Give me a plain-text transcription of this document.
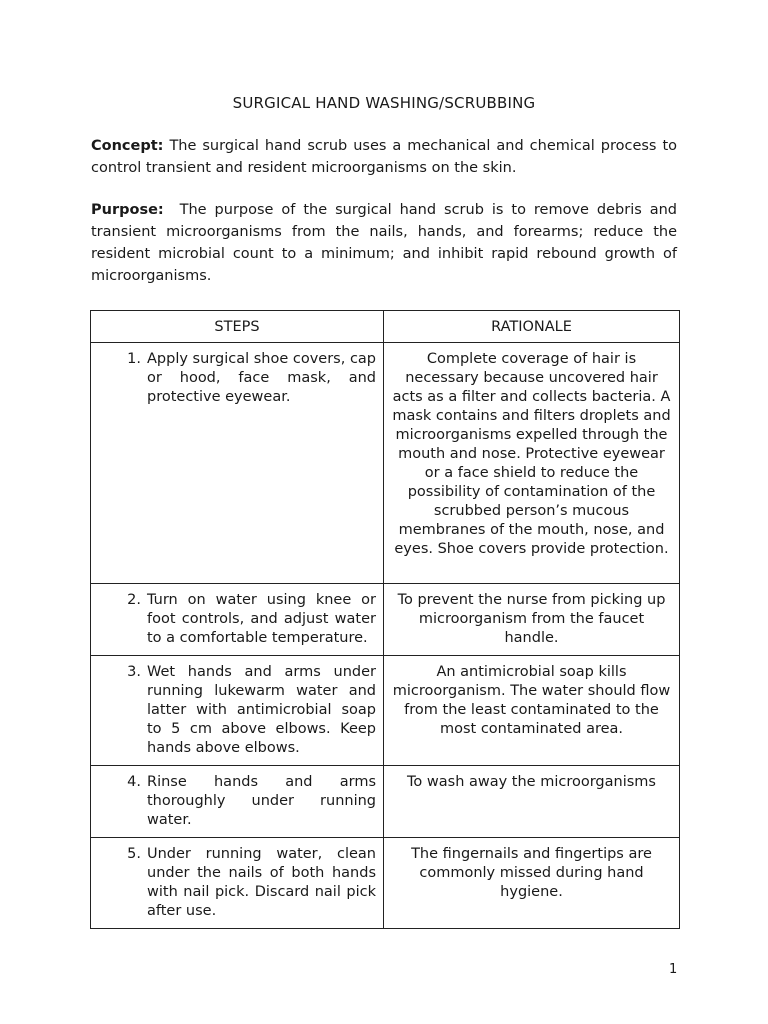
SURGICAL HAND WASHING/SCRUBBING

Concept: The surgical hand scrub uses a mechanical and chemical process to control transient and resident microorganisms on the skin.

Purpose: The purpose of the surgical hand scrub is to remove debris and transient microorganisms from the nails, hands, and forearms; reduce the resident microbial count to a minimum; and inhibit rapid rebound growth of microorganisms.

STEPS	RATIONALE

1. Apply surgical shoe covers, cap or hood, face mask, and protective eyewear.	Complete coverage of hair is necessary because uncovered hair acts as a filter and collects bacteria. A mask contains and filters droplets and microorganisms expelled through the mouth and nose. Protective eyewear or a face shield to reduce the possibility of contamination of the scrubbed person’s mucous membranes of the mouth, nose, and eyes. Shoe covers provide protection.

2. Turn on water using knee or foot controls, and adjust water to a comfortable temperature.	To prevent the nurse from picking up microorganism from the faucet handle.

3. Wet hands and arms under running lukewarm water and latter with antimicrobial soap to 5 cm above elbows. Keep hands above elbows.	An antimicrobial soap kills microorganism. The water should flow from the least contaminated to the most contaminated area.

4. Rinse hands and arms thoroughly under running water.	To wash away the microorganisms

5. Under running water, clean under the nails of both hands with nail pick. Discard nail pick after use.	The fingernails and fingertips are commonly missed during hand hygiene.
1
